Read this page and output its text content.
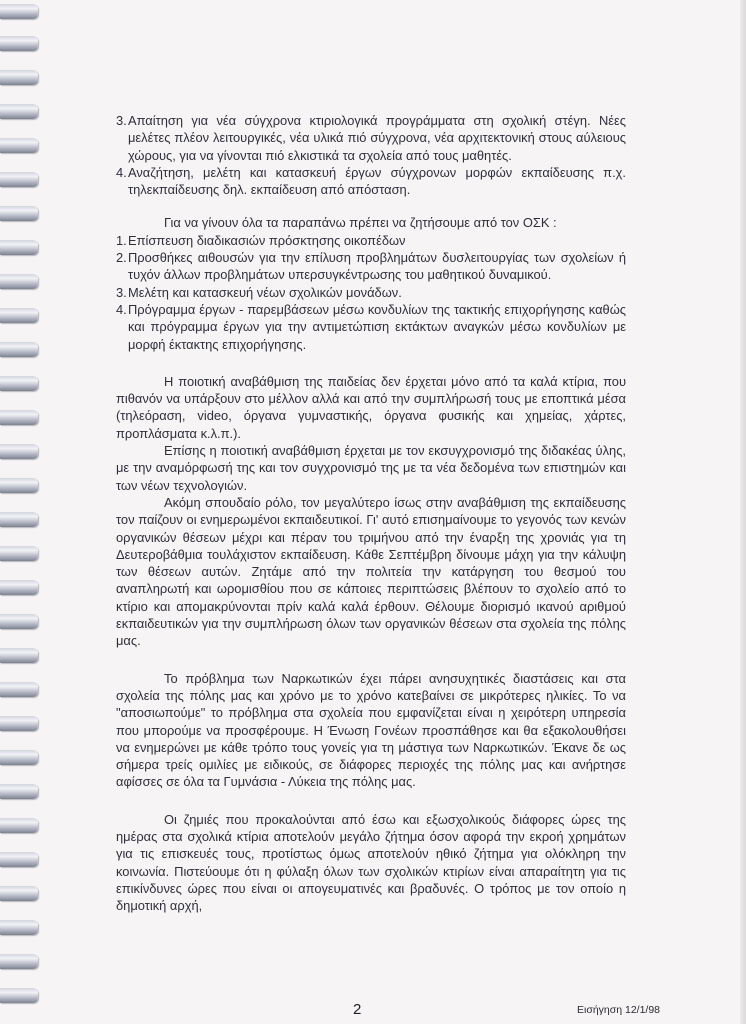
3. Απαίτηση για νέα σύγχρονα κτιριολογικά προγράμματα στη σχολική στέγη. Νέες μελέτες πλέον λειτουργικές, νέα υλικά πιό σύγχρονα, νέα αρχιτεκτονική στους αύλειους χώρους, για να γίνονται πιό ελκιστικά τα σχολεία από τους μαθητές.
4. Αναζήτηση, μελέτη και κατασκευή έργων σύγχρονων μορφών εκπαίδευσης π.χ. τηλεκπαίδευσης δηλ. εκπαίδευση από απόσταση.

Για να γίνουν όλα τα παραπάνω πρέπει να ζητήσουμε από τον ΟΣΚ :

1. Επίσπευση διαδικασιών πρόσκτησης οικοπέδων
2. Προσθήκες αιθουσών για την επίλυση προβλημάτων δυσλειτουργίας των σχολείων ή τυχόν άλλων προβλημάτων υπερσυγκέντρωσης του μαθητικού δυναμικού.
3. Μελέτη και κατασκευή νέων σχολικών μονάδων.
4. Πρόγραμμα έργων - παρεμβάσεων μέσω κονδυλίων της τακτικής επιχορήγησης καθώς και πρόγραμμα έργων για την αντιμετώπιση εκτάκτων αναγκών μέσω κονδυλίων με μορφή έκτακτης επιχορήγησης.

Η ποιοτική αναβάθμιση της παιδείας δεν έρχεται μόνο από τα καλά κτίρια, που πιθανόν να υπάρξουν στο μέλλον αλλά και από την συμπλήρωσή τους με εποπτικά μέσα (τηλεόραση, video, όργανα γυμναστικής, όργανα φυσικής και χημείας, χάρτες, προπλάσματα κ.λ.π.).

Επίσης η ποιοτική αναβάθμιση έρχεται με τον εκσυγχρονισμό της διδακέας ύλης, με την αναμόρφωσή της και τον συγχρονισμό της με τα νέα δεδομένα των επιστημών και των νέων τεχνολογιών.

Ακόμη σπουδαίο ρόλο, τον μεγαλύτερο ίσως στην αναβάθμιση της εκπαίδευσης τον παίζουν οι ενημερωμένοι εκπαιδευτικοί. Γι' αυτό επισημαίνουμε το γεγονός των κενών οργανικών θέσεων μέχρι και πέραν του τριμήνου από την έναρξη της χρονιάς για τη Δευτεροβάθμια τουλάχιστον εκπαίδευση. Κάθε Σεπτέμβρη δίνουμε μάχη για την κάλυψη των θέσεων αυτών. Ζητάμε από την πολιτεία την κατάργηση του θεσμού του αναπληρωτή και ωρομισθίου που σε κάποιες περιπτώσεις βλέπουν το σχολείο από το κτίριο και απομακρύνονται πρίν καλά καλά έρθουν. Θέλουμε διορισμό ικανού αριθμού εκπαιδευτικών για την συμπλήρωση όλων των οργανικών θέσεων στα σχολεία της πόλης μας.

Το πρόβλημα των Ναρκωτικών έχει πάρει ανησυχητικές διαστάσεις και στα σχολεία της πόλης μας και χρόνο με το χρόνο κατεβαίνει σε μικρότερες ηλικίες. Το να "αποσιωπούμε" το πρόβλημα στα σχολεία που εμφανίζεται είναι η χειρότερη υπηρεσία που μπορούμε να προσφέρουμε. Η Ένωση Γονέων προσπάθησε και θα εξακολουθήσει να ενημερώνει με κάθε τρόπο τους γονείς για τη μάστιγα των Ναρκωτικών. Έκανε δε ως σήμερα τρείς ομιλίες με ειδικούς, σε διάφορες περιοχές της πόλης μας και ανήρτησε αφίσσες σε όλα τα Γυμνάσια - Λύκεια της πόλης μας.

Οι ζημιές που προκαλούνται από έσω και εξωσχολικούς διάφορες ώρες της ημέρας στα σχολικά κτίρια αποτελούν μεγάλο ζήτημα όσον αφορά την εκροή χρημάτων για τις επισκευές τους, προτίστως όμως αποτελούν ηθικό ζήτημα για ολόκληρη την κοινωνία. Πιστεύουμε ότι η φύλαξη όλων των σχολικών κτιρίων είναι απαραίτητη για τις επικίνδυνες ώρες που είναι οι απογευματινές και βραδυνές. Ο τρόπος με τον οποίο η δημοτική αρχή,

2	Εισήγηση 12/1/98
